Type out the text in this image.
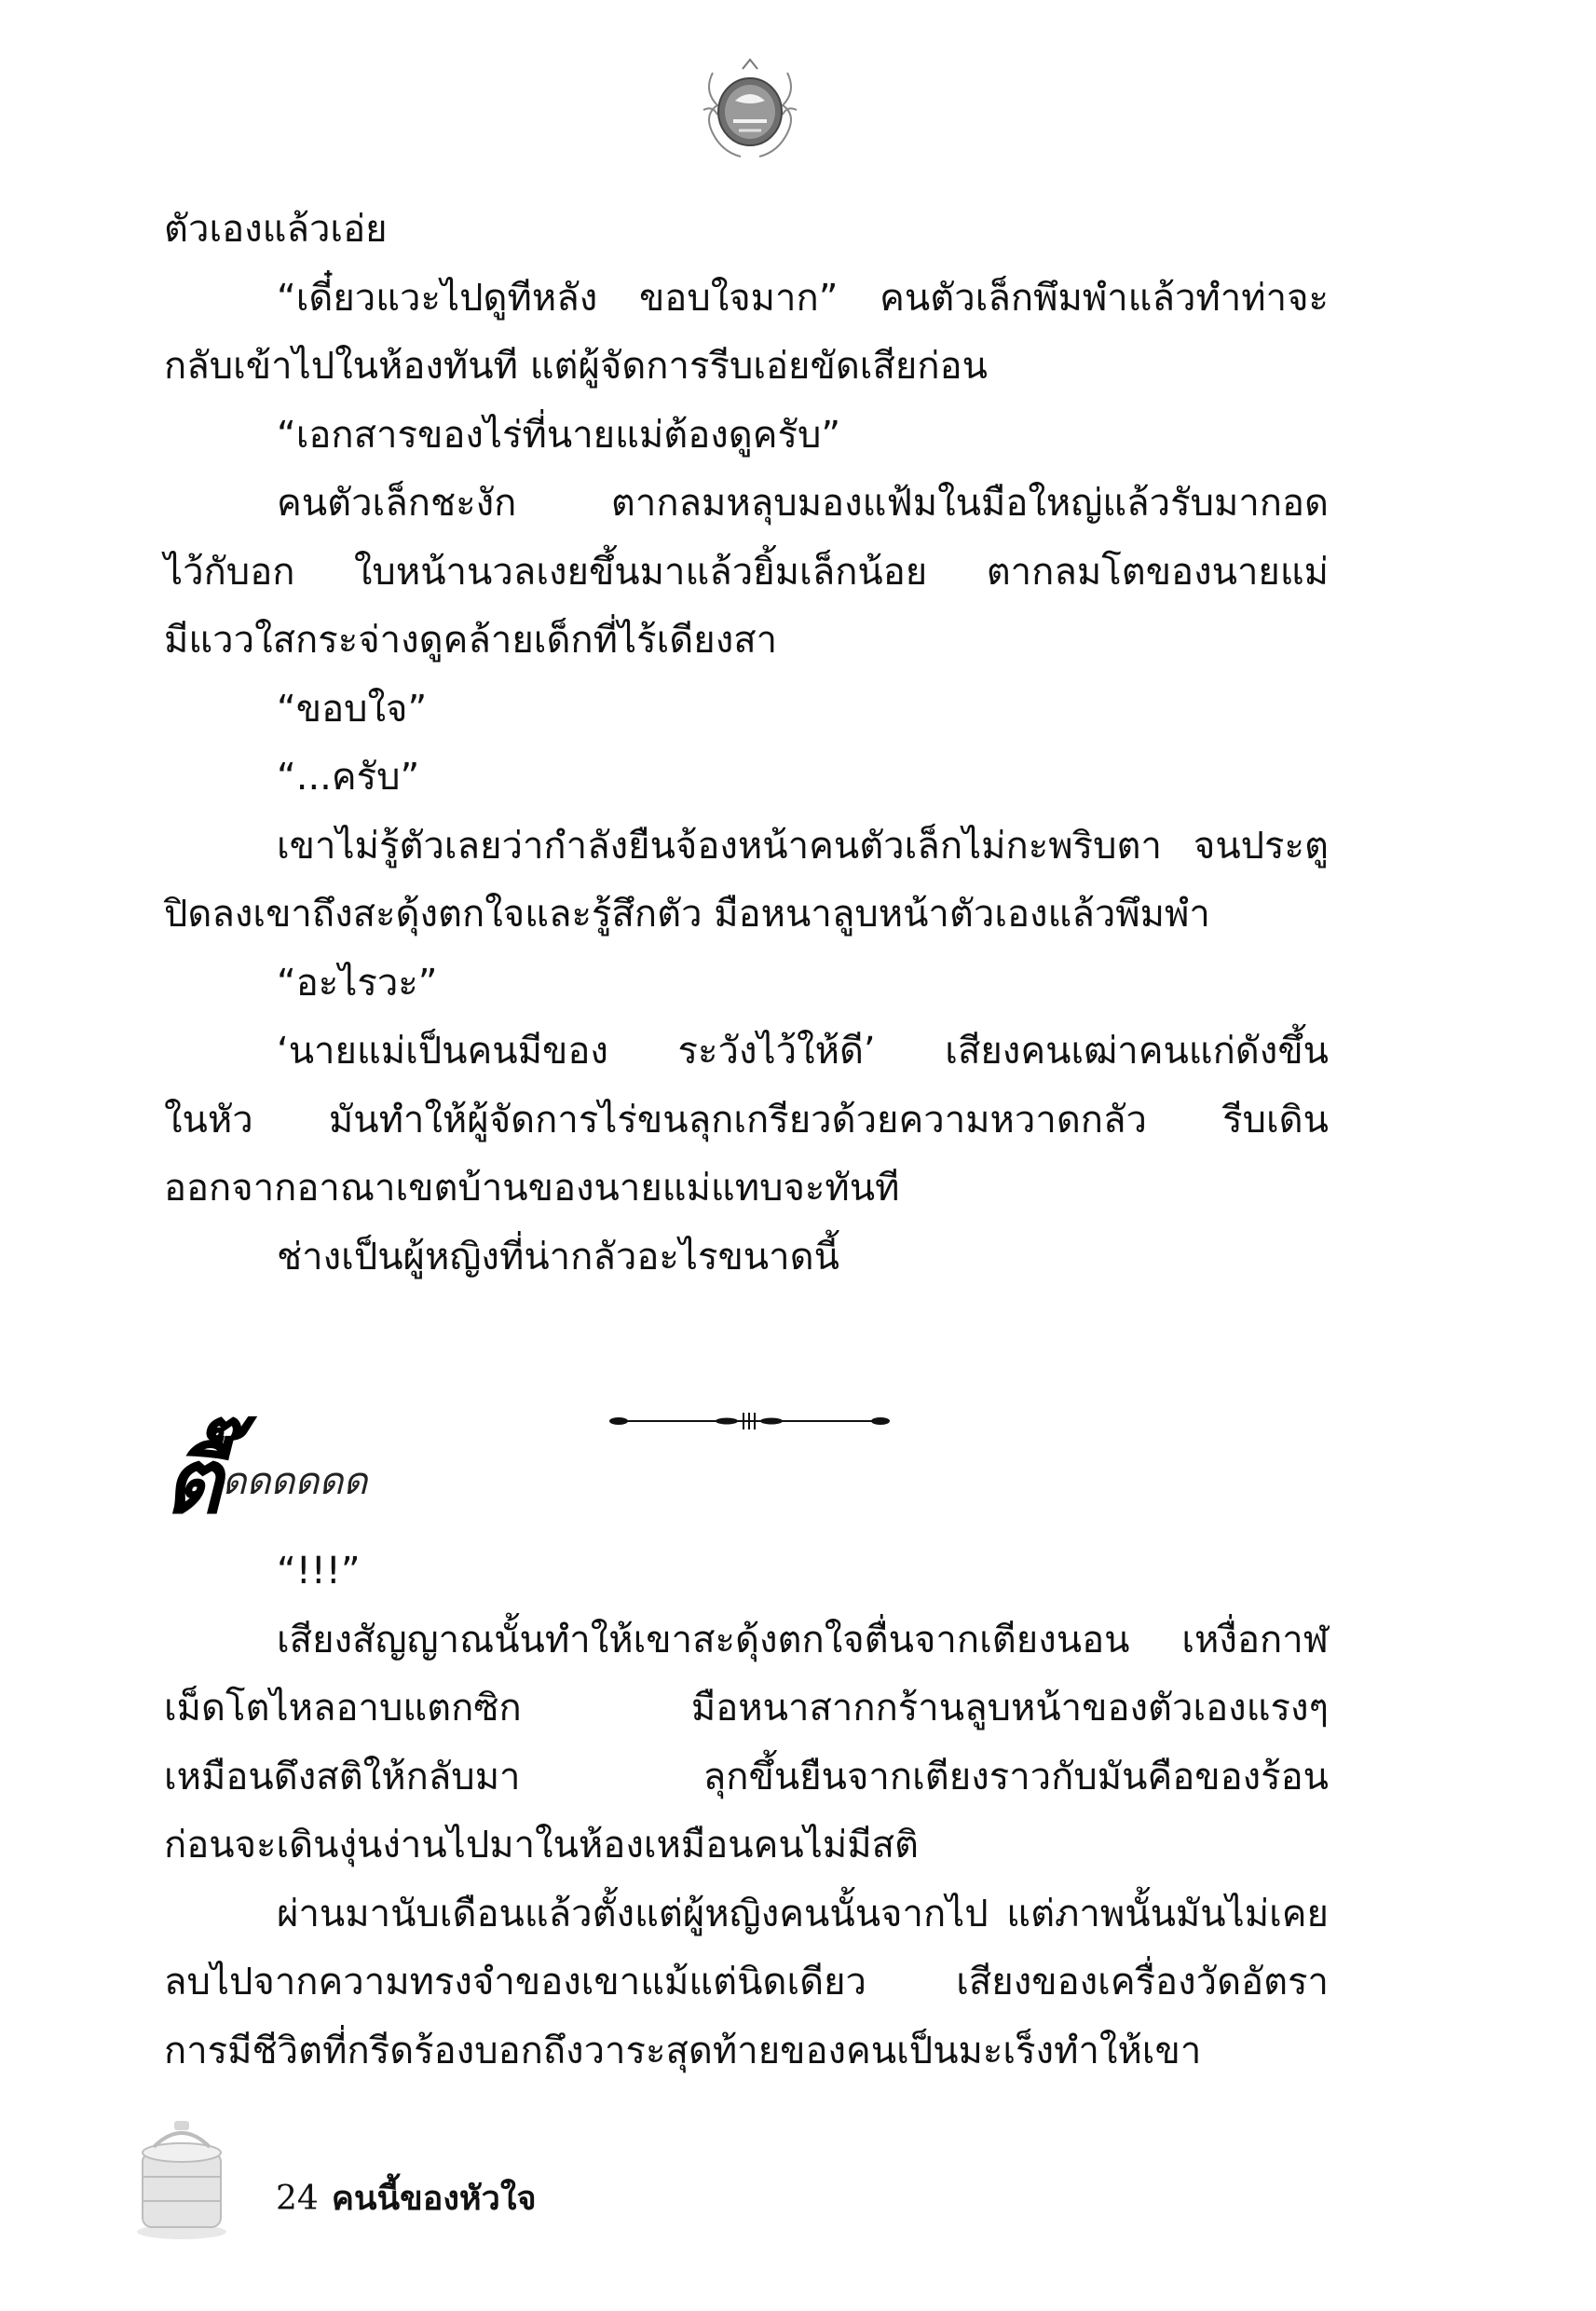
ตัวเองแล้วเอ่ย

“เดี๋ยวแวะไปดูทีหลัง ขอบใจมาก” คนตัวเล็กพึมพำแล้วทำท่าจะ

กลับเข้าไปในห้องทันที แต่ผู้จัดการรีบเอ่ยขัดเสียก่อน

“เอกสารของไร่ที่นายแม่ต้องดูครับ”

คนตัวเล็กชะงัก ตากลมหลุบมองแฟ้มในมือใหญ่แล้วรับมากอด

ไว้กับอก ใบหน้านวลเงยขึ้นมาแล้วยิ้มเล็กน้อย ตากลมโตของนายแม่

มีแววใสกระจ่างดูคล้ายเด็กที่ไร้เดียงสา

“ขอบใจ”

“...ครับ”

เขาไม่รู้ตัวเลยว่ากำลังยืนจ้องหน้าคนตัวเล็กไม่กะพริบตา จนประตู

ปิดลงเขาถึงสะดุ้งตกใจและรู้สึกตัว มือหนาลูบหน้าตัวเองแล้วพึมพำ

“อะไรวะ”

‘นายแม่เป็นคนมีของ ระวังไว้ให้ดี’ เสียงคนเฒ่าคนแก่ดังขึ้น

ในหัว มันทำให้ผู้จัดการไร่ขนลุกเกรียวด้วยความหวาดกลัว รีบเดิน

ออกจากอาณาเขตบ้านของนายแม่แทบจะทันที

ช่างเป็นผู้หญิงที่น่ากลัวอะไรขนาดนี้

ตื๊ดดดดดด

“!!!”

เสียงสัญญาณนั้นทำให้เขาสะดุ้งตกใจตื่นจากเตียงนอน เหงื่อกาฬ

เม็ดโตไหลอาบแตกซิก มือหนาสากกร้านลูบหน้าของตัวเองแรงๆ

เหมือนดึงสติให้กลับมา ลุกขึ้นยืนจากเตียงราวกับมันคือของร้อน

ก่อนจะเดินงุ่นง่านไปมาในห้องเหมือนคนไม่มีสติ

ผ่านมานับเดือนแล้วตั้งแต่ผู้หญิงคนนั้นจากไป แต่ภาพนั้นมันไม่เคย

ลบไปจากความทรงจำของเขาแม้แต่นิดเดียว เสียงของเครื่องวัดอัตรา

การมีชีวิตที่กรีดร้องบอกถึงวาระสุดท้ายของคนเป็นมะเร็งทำให้เขา

24 คนนี้ของหัวใจ
